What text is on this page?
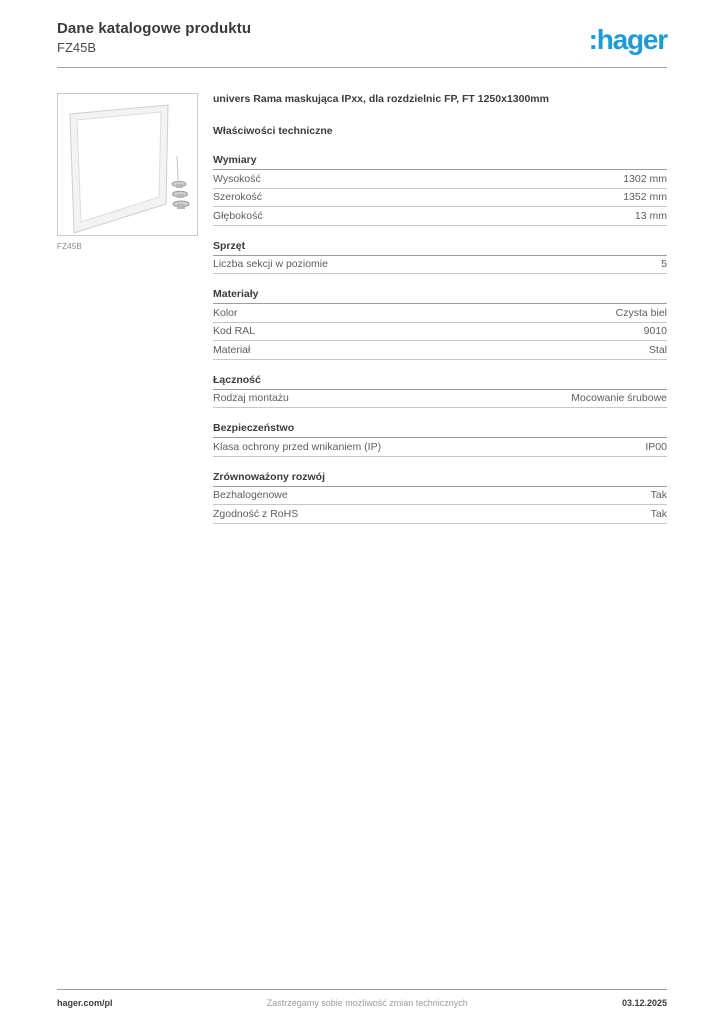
Dane katalogowe produktu
FZ45B	:hager
FZ45B
univers Rama maskująca IPxx, dla rozdzielnic FP, FT 1250x1300mm
Właściwości techniczne
Wymiary
Wysokość	1302 mm
Szerokość	1352 mm
Głębokość	13 mm
Sprzęt
Liczba sekcji w poziomie	5
Materiały
Kolor	Czysta biel
Kod RAL	9010
Materiał	Stal
Łączność
Rodzaj montażu	Mocowanie śrubowe
Bezpieczeństwo
Klasa ochrony przed wnikaniem (IP)	IP00
Zrównoważony rozwój
Bezhalogenowe	Tak
Zgodność z RoHS	Tak
hager.com/pl	Zastrzegamy sobie możliwość zmian technicznych	03.12.2025
